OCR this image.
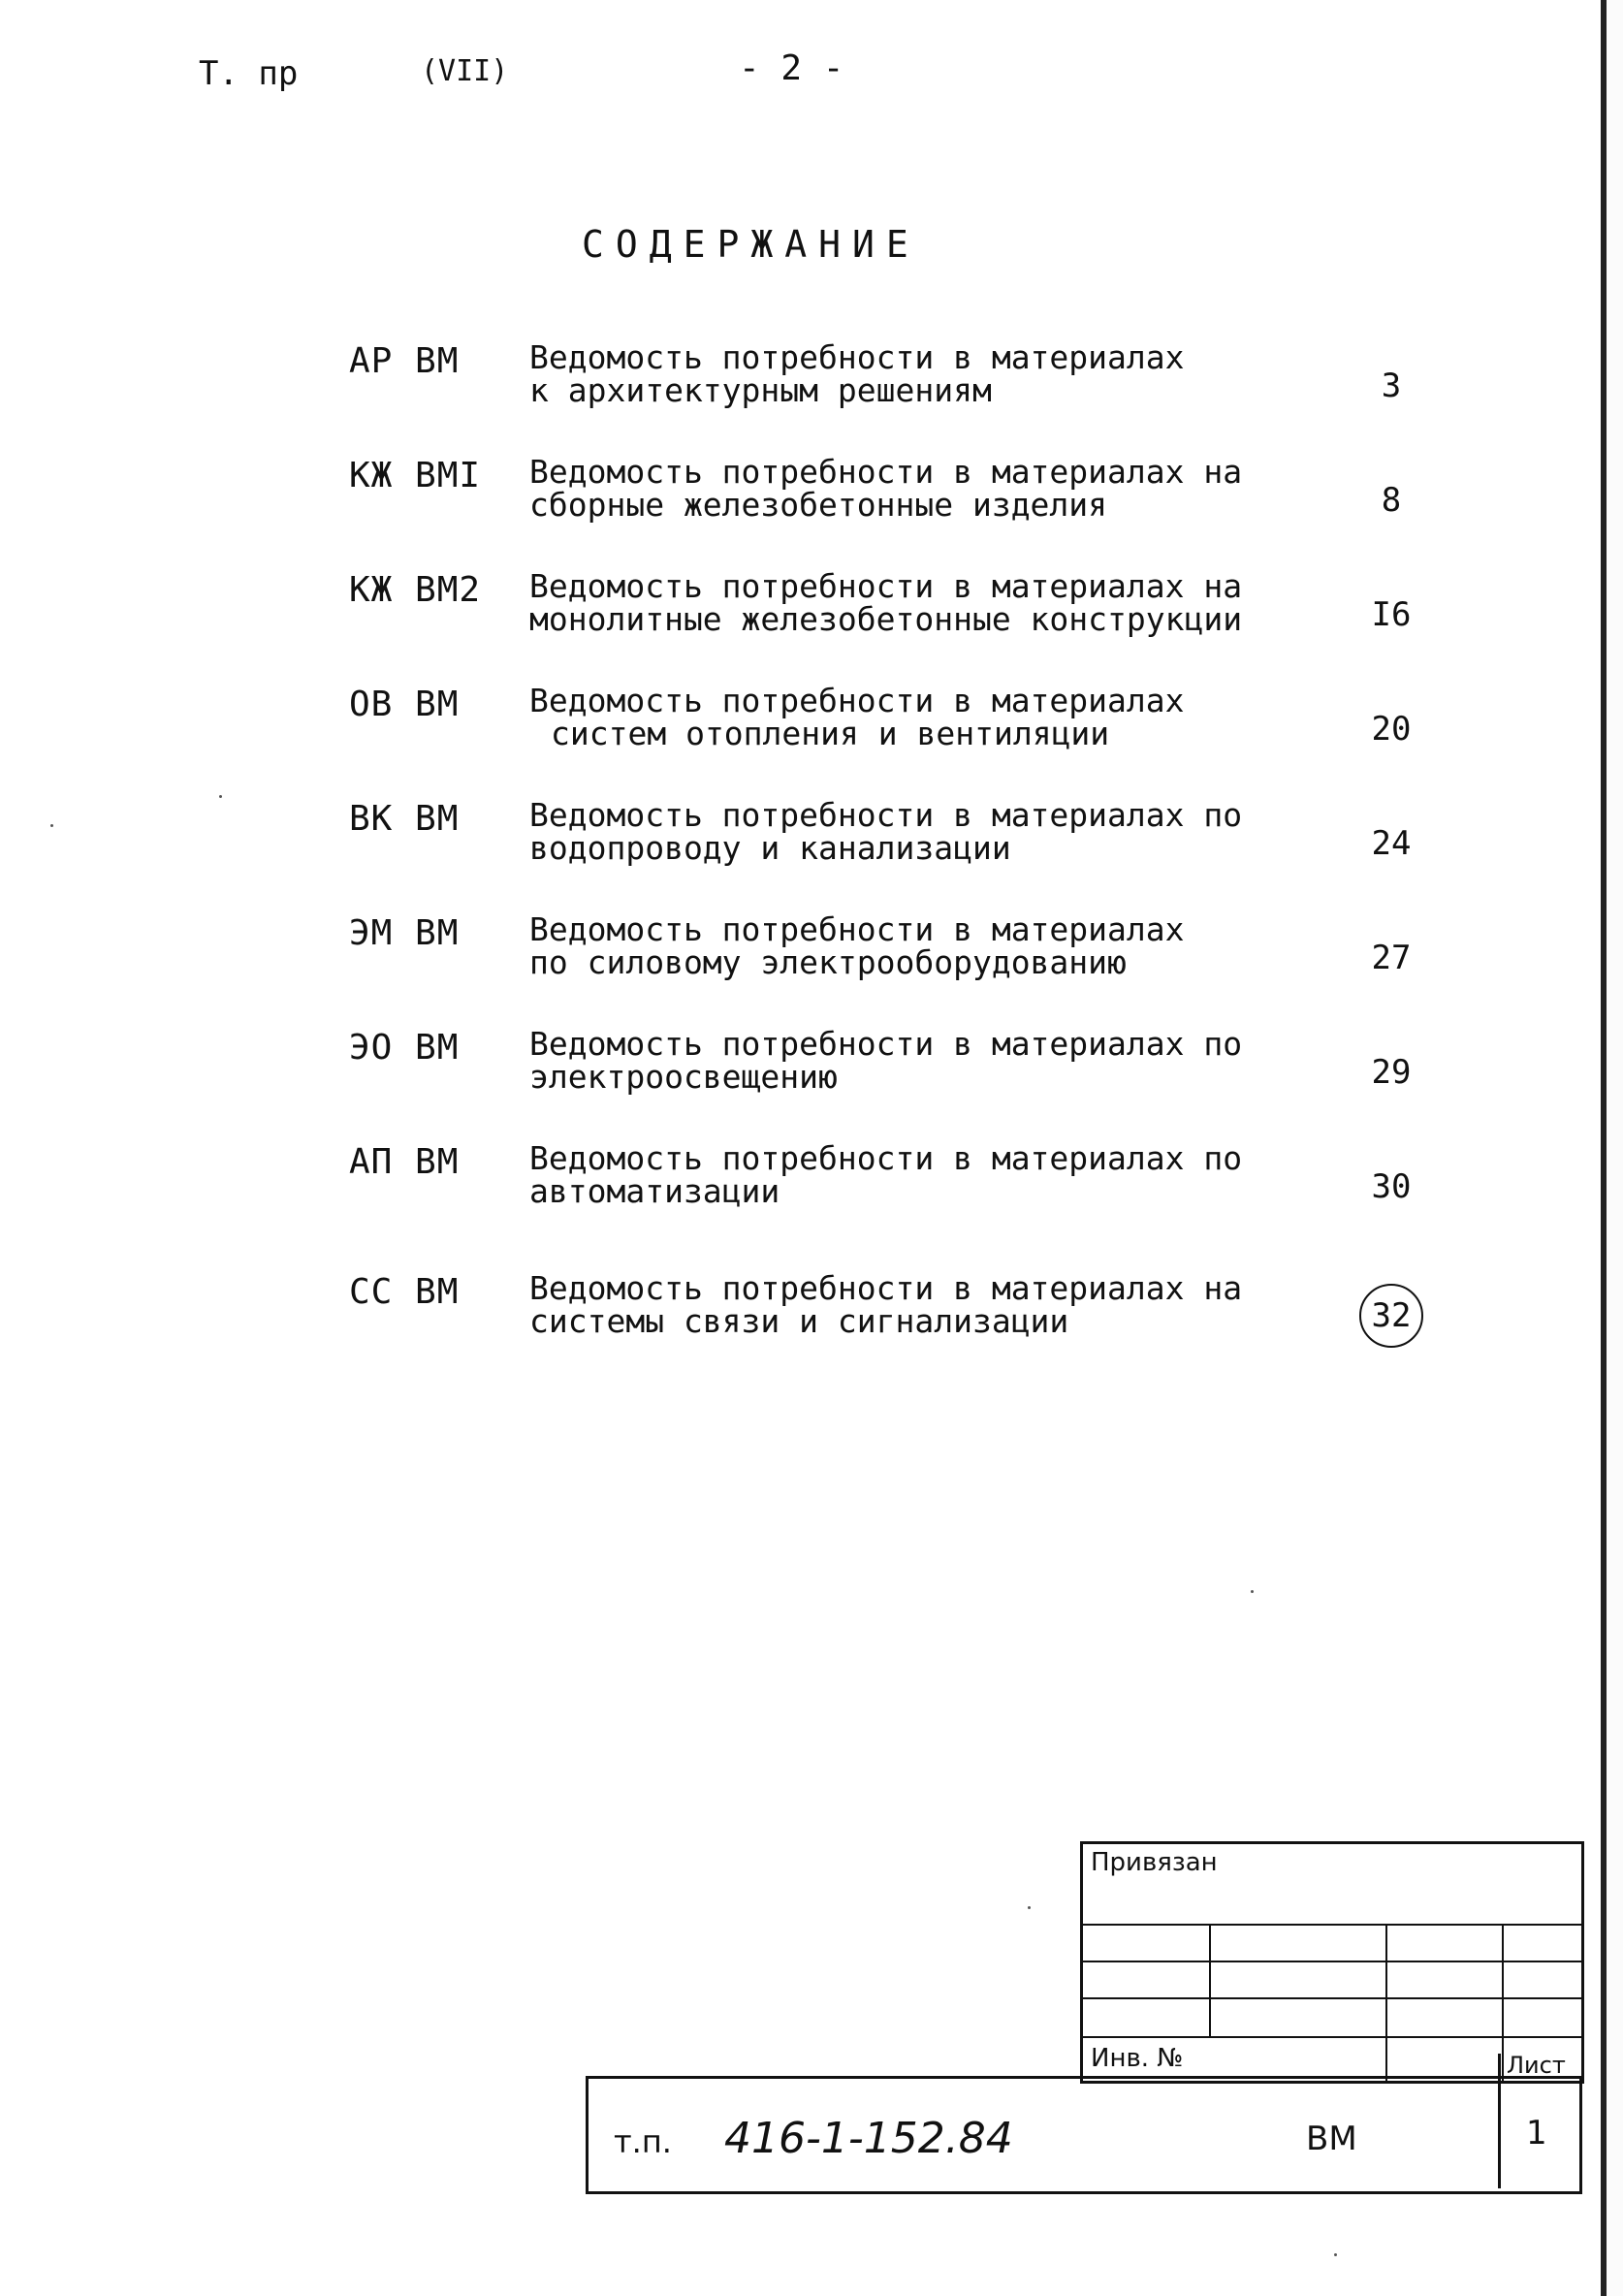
Т. пр	(VII)	- 2 -
СОДЕРЖАНИЕ
АР ВМ Ведомость потребности в материалах
к архитектурным решениям	3
КЖ ВМI Ведомость потребности в материалах на
сборные железобетонные изделия	8
КЖ ВМ2 Ведомость потребности в материалах на
монолитные железобетонные конструкции	I6
ОВ ВМ Ведомость потребности в материалах
систем отопления и вентиляции	20
ВК ВМ Ведомость потребности в материалах по
водопроводу и канализации	24
ЭМ ВМ Ведомость потребности в материалах
по силовому электрооборудованию	27
ЭО ВМ Ведомость потребности в материалах по
электроосвещению	29
АП ВМ Ведомость потребности в материалах по
автоматизации	30
СС ВМ Ведомость потребности в материалах на
системы связи и сигнализации	32
Привязан
Инв. №
т.п. 416-1-152.84	ВМ
Лист
1
